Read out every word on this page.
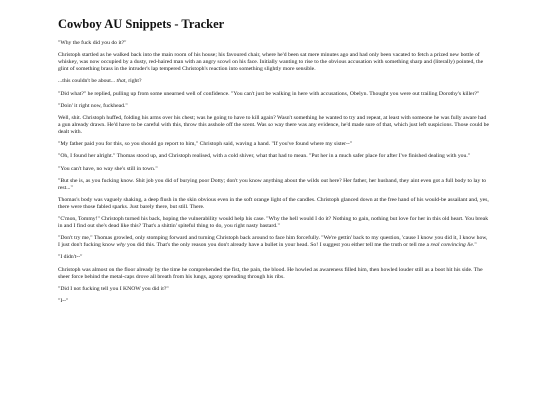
Cowboy AU Snippets - Tracker

"Why the fuck did you do it?"

Christoph startled as he walked back into the main room of his house; his favoured chair, where he'd been sat mere minutes ago and had only been vacated to fetch a prized new bottle of whiskey, was now occupied by a dusty, red-haired man with an angry scowl on his face. Initially wanting to rise to the obvious accusation with something sharp and (literally) pointed, the glint of something brass in the intruder's lap tempered Christoph's reaction into something slightly more sensible.

...this couldn't be about... that, right?

"Did what?" he replied, pulling up from some unearned well of confidence. "You can't just be walking in here with accusations, Obelyn. Thought you were out trailing Dorothy's killer?"

"Doin' it right now, fuckhead."

Well, shit. Christoph huffed, folding his arms over his chest; was he going to have to kill again? Wasn't something he wanted to try and repeat, at least with someone he was fully aware had a gun already drawn. He'd have to be careful with this, throw this asshole off the scent. Was so way there was any evidence, he'd made sure of that, which just left suspicions. Those could be dealt with.

"My father paid you for this, so you should go report to him," Christoph said, waving a hand. "If you've found where my sister--"

"Oh, I found her alright." Thomas stood up, and Christoph realised, with a cold shiver, what that had to mean. "Put her in a much safer place for after I've finished dealing with you."

"You can't have, no way she's still in town."

"But she is, as you fucking know. Shit job you did of burying poor Dotty; don't you know anything about the wilds out here? Her father, her husband, they aint even got a full body to lay to rest..."

Thomas's body was vaguely shaking, a deep flush in the skin obvious even in the soft orange light of the candles. Christoph glanced down at the free hand of his would-be assailant and, yes, there were those fabled sparks. Just barely there, but still. There.

"C'mon, Tommy!" Christoph turned his back, hoping the vulnerability would help his case. "Why the hell would I do it? Nothing to gain, nothing but love for her in this old heart. You break in and I find out she's dead like this? That's a shittin' spiteful thing to do, you right nasty bastard."

"Don't try me," Thomas growled, only stomping forward and turning Christoph back around to face him forcefully. "We're gettin' back to my question, 'cause I know you did it, I know how, I just don't fucking know why you did this. That's the only reason you don't already have a bullet in your head. So! I suggest you either tell me the truth or tell me a real convincing lie."

"I didn't--"

Christoph was almost on the floor already by the time he comprehended the fist, the pain, the blood. He howled as awareness filled him, then howled louder still as a boot hit his side. The sheer force behind the metal-caps drove all breath from his lungs, agony spreading through his ribs.

"Did I not fucking tell you I KNOW you did it?"

"I--"
